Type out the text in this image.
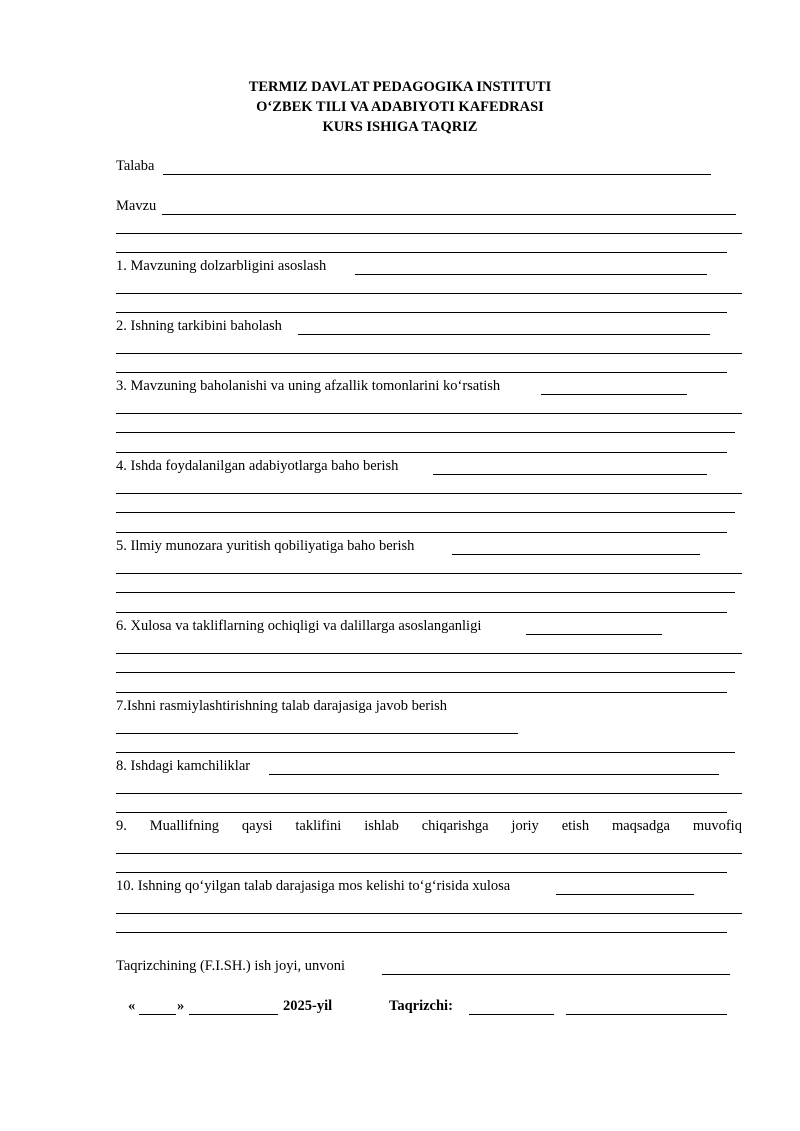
TERMIZ DAVLAT PEDAGOGIKA INSTITUTI
O‘ZBEK TILI VA ADABIYOTI KAFEDRASI
KURS ISHIGA TAQRIZ
Talaba
Mavzu
1. Mavzuning dolzarbligini asoslash
2. Ishning tarkibini baholash
3. Mavzuning baholanishi va uning afzallik tomonlarini ko‘rsatish
4. Ishda foydalanilgan adabiyotlarga baho berish
5. Ilmiy munozara yuritish qobiliyatiga baho berish
6. Xulosa va takliflarning ochiqligi va dalillarga asoslanganligi
7.Ishni rasmiylashtirishning talab darajasiga javob berish
8. Ishdagi kamchiliklar
9. Muallifning qaysi taklifini ishlab chiqarishga joriy etish maqsadga muvofiq
10. Ishning qo‘yilgan talab darajasiga mos kelishi to‘g‘risida xulosa
Taqrizchining (F.I.SH.) ish joyi, unvoni
«	»	2025-yil	Taqrizchi:
